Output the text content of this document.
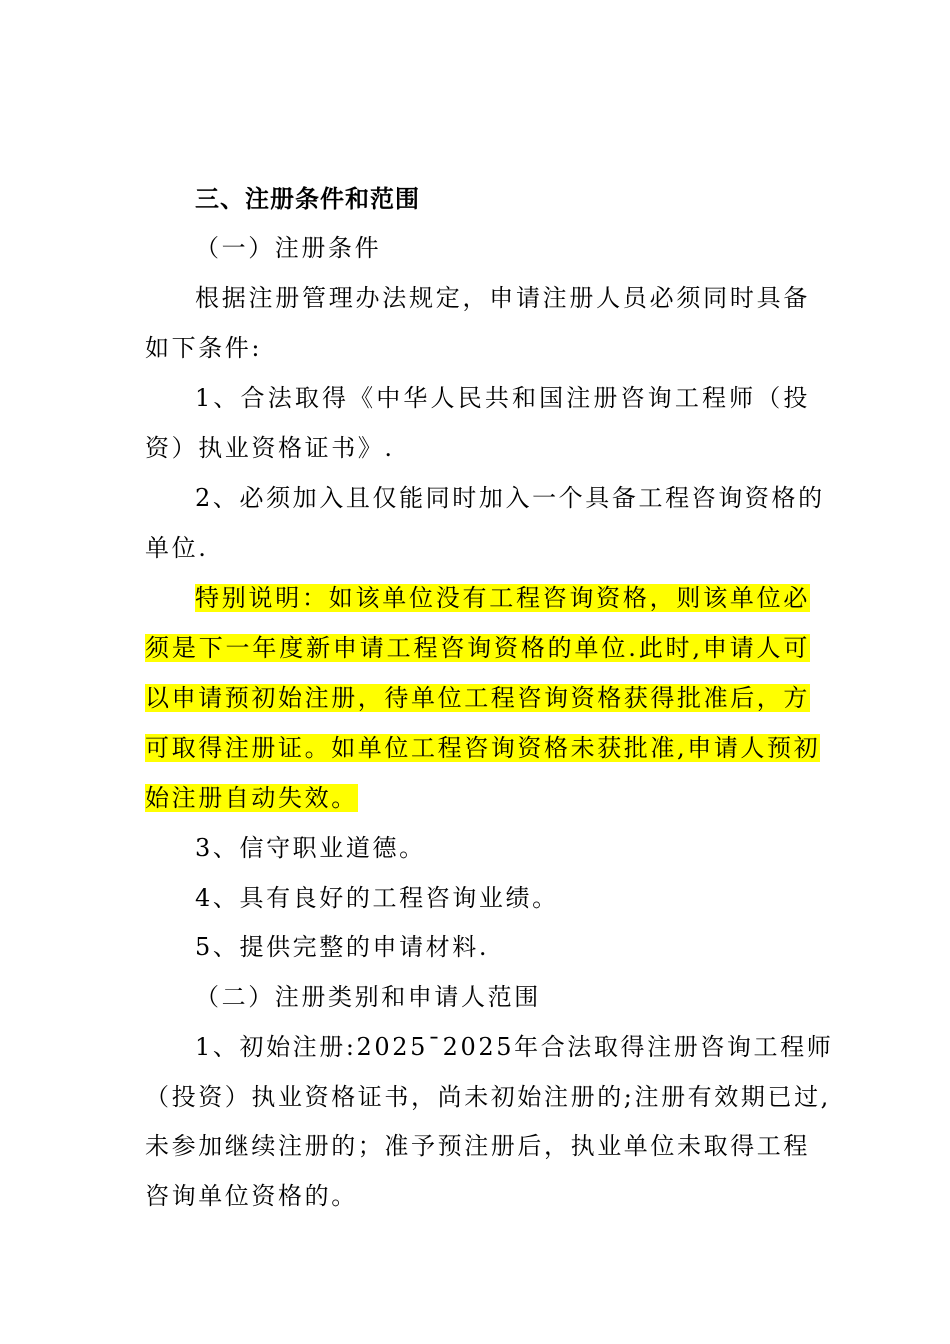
三、注册条件和范围
（一）注册条件
根据注册管理办法规定，申请注册人员必须同时具备
如下条件:
1、合法取得《中华人民共和国注册咨询工程师（投
资）执业资格证书》.
2、必须加入且仅能同时加入一个具备工程咨询资格的
单位.
特别说明：如该单位没有工程咨询资格，则该单位必
须是下一年度新申请工程咨询资格的单位.此时,申请人可
以申请预初始注册，待单位工程咨询资格获得批准后，方
可取得注册证。如单位工程咨询资格未获批准,申请人预初
始注册自动失效。
3、信守职业道德。
4、具有良好的工程咨询业绩。
5、提供完整的申请材料.
（二）注册类别和申请人范围
1、初始注册:2025¯2025年合法取得注册咨询工程师
（投资）执业资格证书，尚未初始注册的;注册有效期已过,
未参加继续注册的；准予预注册后，执业单位未取得工程
咨询单位资格的。
